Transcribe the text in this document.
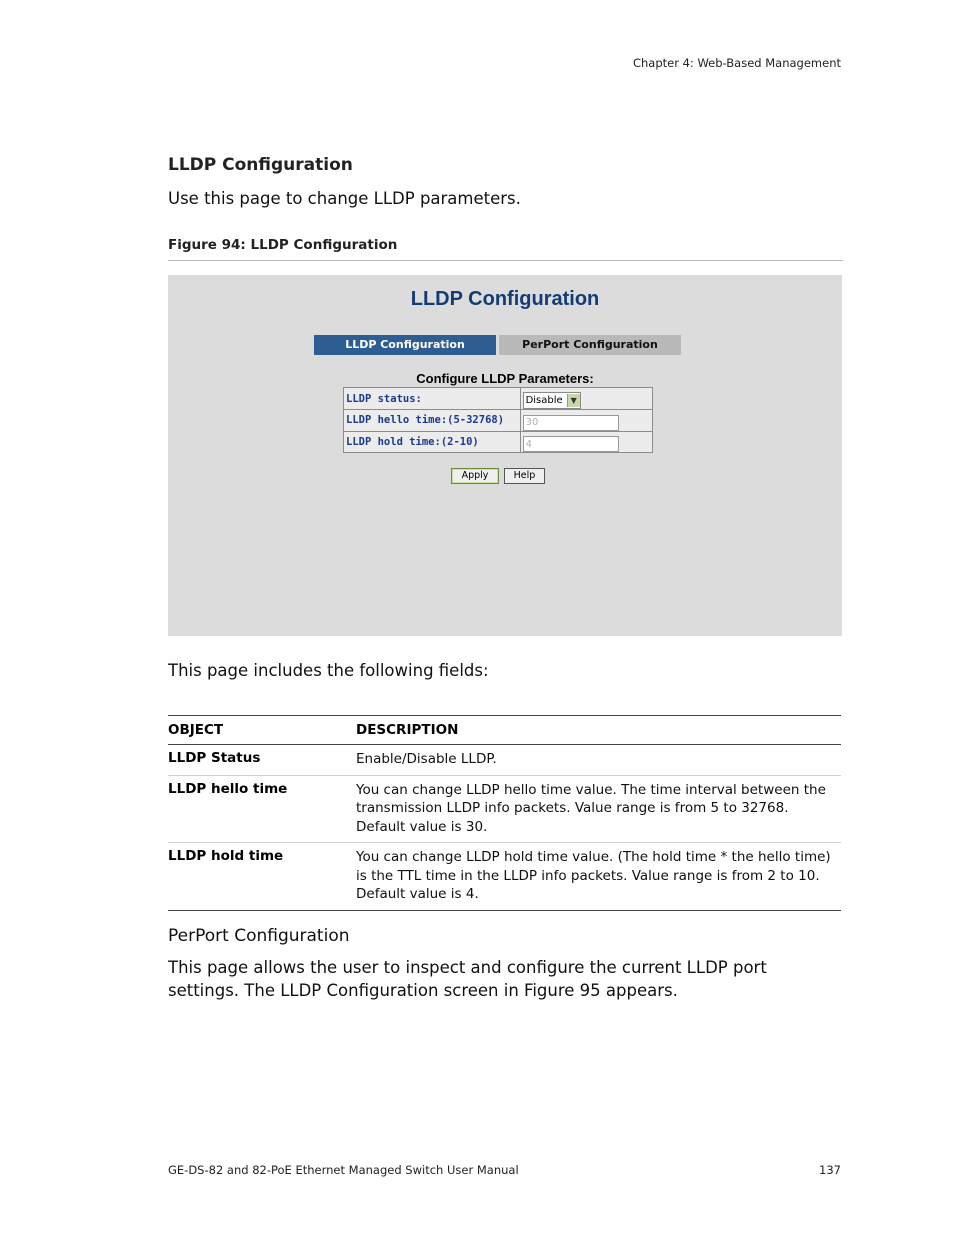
Chapter 4: Web-Based Management
LLDP Configuration
Use this page to change LLDP parameters.
Figure 94: LLDP Configuration
LLDP Configuration
LLDP Configuration	PerPort Configuration
Configure LLDP Parameters:
LLDP status:	Disable ▼

LLDP hello time:(5-32768)	30
LLDP hold time:(2-10)	4
Apply	Help
This page includes the following fields:
OBJECT	DESCRIPTION
LLDP Status	Enable/Disable LLDP.
LLDP hello time	You can change LLDP hello time value. The time interval between the transmission LLDP info packets. Value range is from 5 to 32768. Default value is 30.
LLDP hold time	You can change LLDP hold time value. (The hold time * the hello time) is the TTL time in the LLDP info packets. Value range is from 2 to 10. Default value is 4.
PerPort Configuration
This page allows the user to inspect and configure the current LLDP port settings. The LLDP Configuration screen in Figure 95 appears.
GE-DS-82 and 82-PoE Ethernet Managed Switch User Manual	137
